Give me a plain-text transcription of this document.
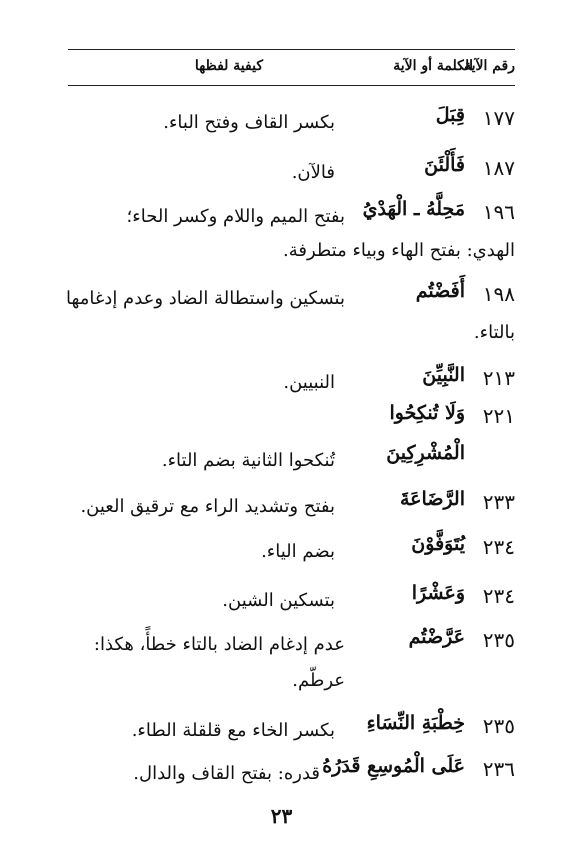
رقم الآية
الكلمة أو الآية
كيفية لفظها
١٧٧
قِبَلَ
بكسر القاف وفتح الباء.
١٨٧
فَأَلْئَنَ
فالآن.
١٩٦
مَحِلَّهُ ـ الْهَدْيُ
بفتح الميم واللام وكسر الحاء؛
الهدي: بفتح الهاء وبياء متطرفة.
١٩٨
أَفَضْتُم
بتسكين واستطالة الضاد وعدم إدغامها
بالتاء.
٢١٣
النَّبِيِّنَ
النبيين.
٢٢١
وَلَا تُنكِحُوا
الْمُشْرِكِينَ
تُنكحوا الثانية بضم التاء.
٢٣٣
الرَّضَاعَةَ
بفتح وتشديد الراء مع ترقيق العين.
٢٣٤
يُتَوَفَّوْنَ
بضم الياء.
٢٣٤
وَعَشْرًا
بتسكين الشين.
٢٣٥
عَرَّضْتُم
عدم إدغام الضاد بالتاء خطأً، هكذا:
عرطّم.
٢٣٥
خِطْبَةِ النِّسَاءِ
بكسر الخاء مع قلقلة الطاء.
٢٣٦
عَلَى الْمُوسِعِ قَدَرُهُ
قدره: بفتح القاف والدال.
٢٣
